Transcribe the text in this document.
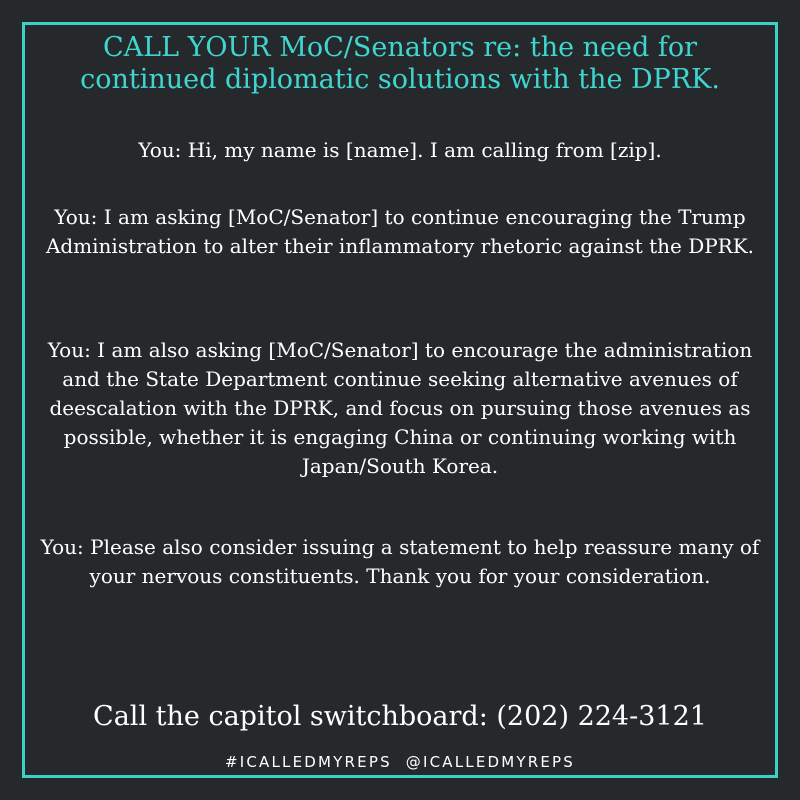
CALL YOUR MoC/Senators re: the need for continued diplomatic solutions with the DPRK.

You: Hi, my name is [name]. I am calling from [zip].

You: I am asking [MoC/Senator] to continue encouraging the Trump Administration to alter their inflammatory rhetoric against the DPRK.

You: I am also asking [MoC/Senator] to encourage the administration and the State Department continue seeking alternative avenues of deescalation with the DPRK, and focus on pursuing those avenues as possible, whether it is engaging China or continuing working with Japan/South Korea.

You: Please also consider issuing a statement to help reassure many of your nervous constituents. Thank you for your consideration.

Call the capitol switchboard: (202) 224-3121

#ICALLEDMYREPS  @ICALLEDMYREPS
